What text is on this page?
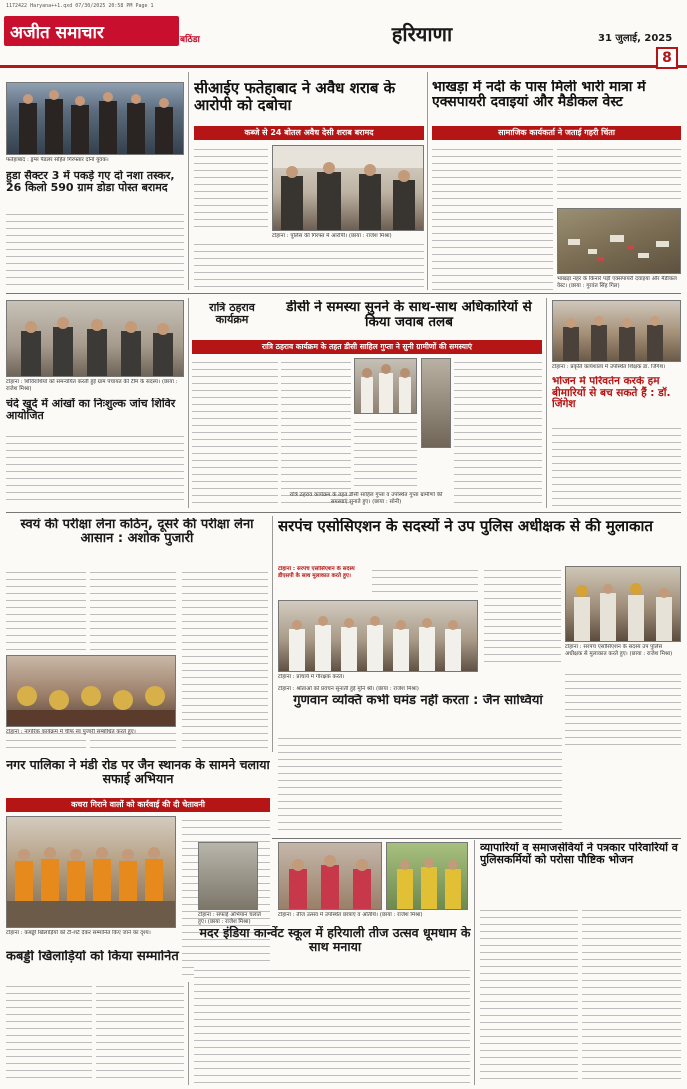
1172422 Haryana++1.qxd 07/30/2025 20:58 PM Page 1
अजीत समाचार	बठिंडा	हरियाणा	31 जुलाई, 2025
8
फतेहाबाद : ड्रग्स पैडलर सहित गिरफ्तार दोनों युवक।
हुडा सैक्टर 3 में पकड़े गए दो नशा तस्कर, 26 किलो 590 ग्राम डोडा पोस्त बरामद
सीआईए फतेहाबाद ने अवैध शराब के आरोपी को दबोचा
कब्जे से 24 बोतल अवैध देसी शराब बरामद
टोहाना : पुलिस की गिरफ्त में आरोपी। (छाया : राजेश मिश्रा)
भाखड़ा में नदी के पास मिली भारी मात्रा में एक्सपायरी दवाइयां और मैडीकल वेस्ट
सामाजिक कार्यकर्ता ने जताई गहरी चिंता
भाखड़ा नहर के किनारे पड़ी एक्सपायरी दवाइयां और मैडीकल वेस्ट। (छाया : गुरवंत सिंह गिल)
टोहाना : शिविरार्थियों को समन्वयित करती हुई ग्राम पंचायत की टीम के सदस्य। (छाया : राजेश मिश्रा)
चंदे खुर्द में आंखों का निःशुल्क जांच शिविर आयोजित
रात्रि ठहराव कार्यक्रम
डीसी ने समस्या सुनने के साथ-साथ अधिकारियों से किया जवाब तलब
रात्रि ठहराव कार्यक्रम के तहत डीसी साहिल गुप्ता ने सुनी ग्रामीणों की समस्याएं
रात्रि ठहराव कार्यक्रम के तहत डीसी साहिल गुप्ता व उपस्थित गुप्ता ग्रामीणों की समस्याएं सुनाते हुए। (छाया : सोनी)
टोहाना : प्रकृति कार्यशाला में उपस्थित शिक्षक डा. जिंगेश।
भोजन में परिवर्तन करके हम बीमारियों से बच सकते हैं : डॉ. जिंगेश
स्वयं की परीक्षा लेना कठिन, दूसरे की परीक्षा लेना आसान : अशोक पुजारी
टोहाना : नागरिक कार्यक्रम में चीफ स्व पुजारी सम्बोधित करते हुए।
सरपंच एसोसिएशन के सदस्यों ने उप पुलिस अधीक्षक से की मुलाकात
टोहाना : सरपंच एसोसिएशन के सदस्य डीएसपी के साथ मुलाकात करते हुए।
टोहाना : प्राचार्य में गौरक्षक करते।
टोहाना : सरपंच एसोसिएशन के सदस्य उप पुलिस अधीक्षक से मुलाकात करते हुए। (छाया : राजेश मिश्रा)
टोहाना : श्रोताओं को प्रवचन सुनाती हुई मुनि श्री। (छाया : राजेश मिश्रा)
गुणवान व्यक्ति कभी घमंड नहीं करता : जैन साध्वियां
नगर पालिका ने मंडी रोड पर जैन स्थानक के सामने चलाया सफाई अभियान
कचरा गिराने वालों को कार्रवाई की दी चेतावनी
टोहाना : कबड्डी खिलाड़ियों को टी-शर्ट देकर सम्मानित किए जाने का दृश्य।
कबड्डी खिलाड़ियों को किया सम्मानित
टोहाना : सफाई अभियान चलाते हुए। (छाया : राजेश मिश्रा)
टोहाना : तीज उत्सव में उपस्थित छात्राएं व अतिथि। (छाया : राजेश मिश्रा)
मदर इंडिया कान्वेंट स्कूल में हरियाली तीज उत्सव धूमधाम के साथ मनाया
व्यापारियों व समाजसेवियों ने पत्रकार परिवारियों व पुलिसकर्मियों को परोसा पौष्टिक भोजन
